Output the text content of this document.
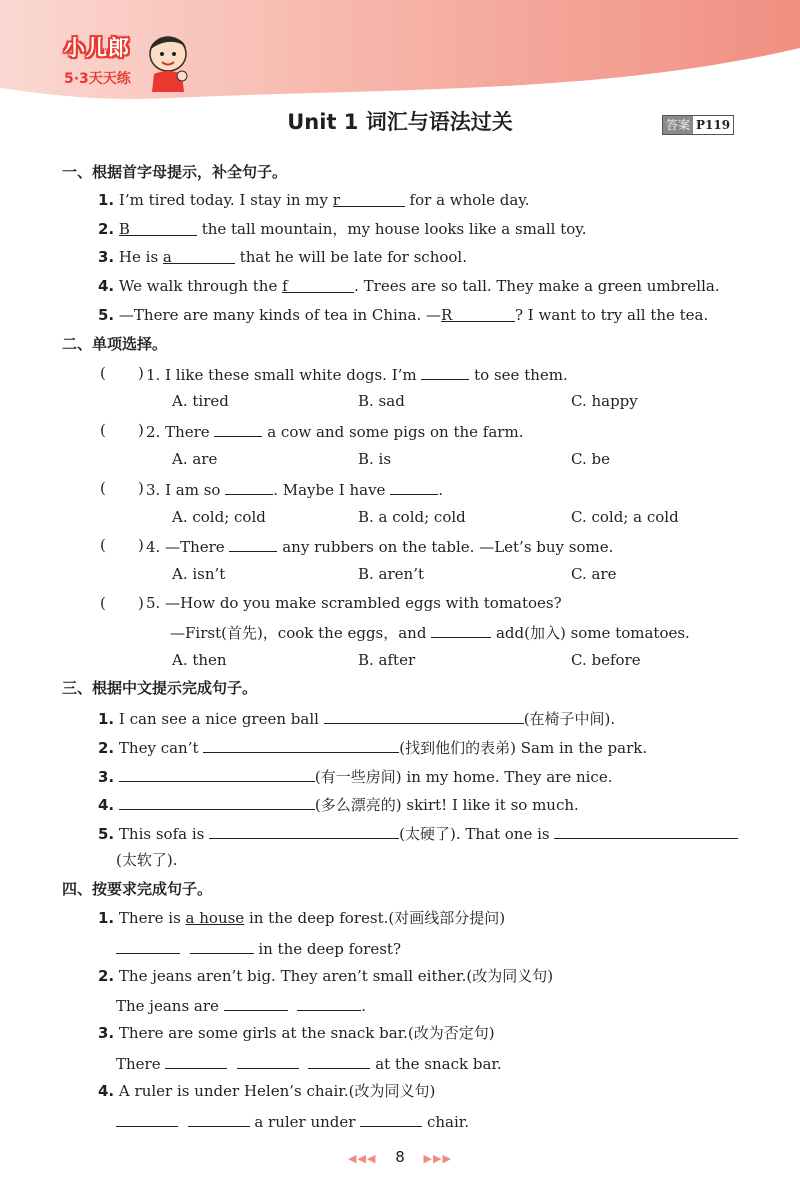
小儿郎
5·3天天练
Unit 1 词汇与语法过关	答案 P119
一、根据首字母提示，补全句子。
1. I’m tired today. I stay in my r	for a whole day.
2. B	the tall mountain，my house looks like a small toy.
3. He is a	that he will be late for school.
4. We walk through the f	. Trees are so tall. They make a green umbrella.
5. —There are many kinds of tea in China. —R	? I want to try all the tea.
二、单项选择。
( ) 1. I like these small white dogs. I’m	to see them.
A. tired	B. sad	C. happy
( ) 2. There	a cow and some pigs on the farm.
A. are	B. is	C. be
( ) 3. I am so	. Maybe I have	.
A. cold; cold	B. a cold; cold	C. cold; a cold
( ) 4. —There	any rubbers on the table. —Let’s buy some.
A. isn’t	B. aren’t	C. are
( ) 5. —How do you make scrambled eggs with tomatoes?
—First(首先)，cook the eggs，and	add(加入) some tomatoes.
A. then	B. after	C. before
三、根据中文提示完成句子。
1. I can see a nice green ball	(在椅子中间).
2. They can’t	(找到他们的表弟) Sam in the park.
3.	(有一些房间) in my home. They are nice.
4.	(多么漂亮的) skirt! I like it so much.
5. This sofa is	(太硬了). That one is
(太软了).
四、按要求完成句子。
1. There is a house in the deep forest.(对画线部分提问)
in the deep forest?
2. The jeans aren’t big. They aren’t small either.(改为同义句)
The jeans are	.
3. There are some girls at the snack bar.(改为否定句)
There	at the snack bar.
4. A ruler is under Helen’s chair.(改为同义句)
a ruler under	chair.
◀◀◀ 8 ▶▶▶
